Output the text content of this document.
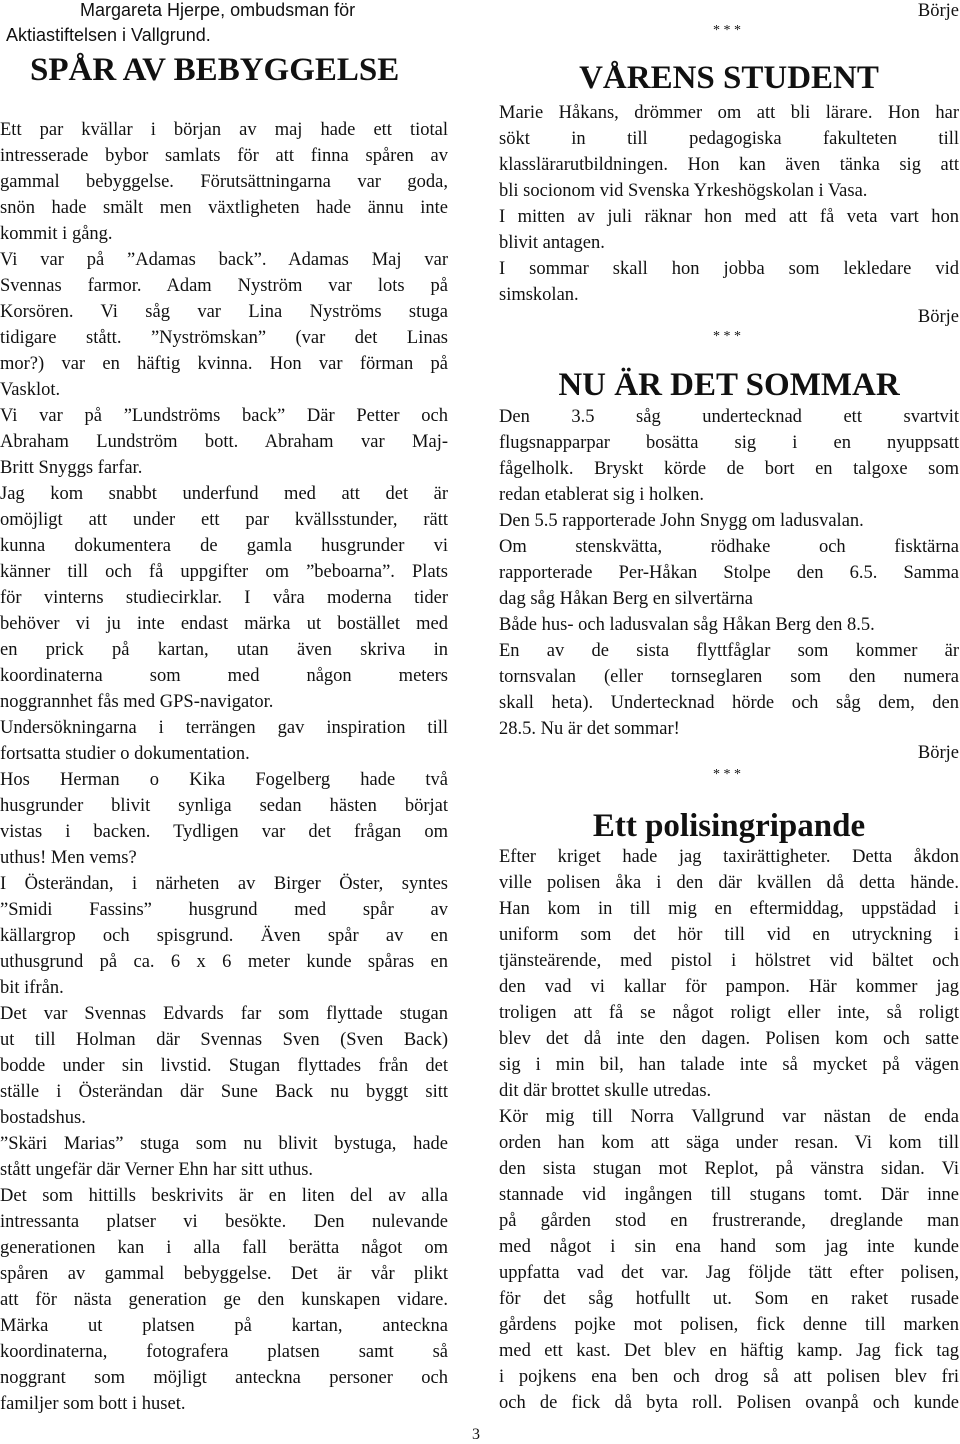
Margareta Hjerpe, ombudsman för
Aktiastiftelsen i Vallgrund.
SPÅR AV BEBYGGELSE
Ett par kvällar i början av maj hade ett tiotal
intresserade bybor samlats för att finna spåren av
gammal bebyggelse. Förutsättningarna var goda,
snön hade smält men växtligheten hade ännu inte
kommit i gång.
Vi var på ”Adamas back”. Adamas Maj var
Svennas farmor. Adam Nyström var lots på
Korsören. Vi såg var Lina Nyströms stuga
tidigare stått. ”Nyströmskan” (var det Linas
mor?) var en häftig kvinna. Hon var förman på
Vasklot.
Vi var på ”Lundströms back” Där Petter och
Abraham Lundström bott. Abraham var Maj-
Britt Snyggs farfar.
Jag kom snabbt underfund med att det är
omöjligt att under ett par kvällsstunder, rätt
kunna dokumentera de gamla husgrunder vi
känner till och få uppgifter om ”beboarna”. Plats
för vinterns studiecirklar. I våra moderna tider
behöver vi ju inte endast märka ut bostället med
en prick på kartan, utan även skriva in
koordinaterna som med någon meters
noggrannhet fås med GPS-navigator.
Undersökningarna i terrängen gav inspiration till
fortsatta studier o dokumentation.
Hos Herman o Kika Fogelberg hade två
husgrunder blivit synliga sedan hästen börjat
vistas i backen. Tydligen var det frågan om
uthus! Men vems?
I Österändan, i närheten av Birger Öster, syntes
”Smidi Fassins” husgrund med spår av
källargrop och spisgrund. Även spår av en
uthusgrund på ca. 6 x 6 meter kunde spåras en
bit ifrån.
Det var Svennas Edvards far som flyttade stugan
ut till Holman där Svennas Sven (Sven Back)
bodde under sin livstid. Stugan flyttades från det
ställe i Österändan där Sune Back nu byggt sitt
bostadshus.
”Skäri Marias” stuga som nu blivit bystuga, hade
stått ungefär där Verner Ehn har sitt uthus.
Det som hittills beskrivits är en liten del av alla
intressanta platser vi besökte. Den nulevande
generationen kan i alla fall berätta något om
spåren av gammal bebyggelse. Det är vår plikt
att för nästa generation ge den kunskapen vidare.
Märka ut platsen på kartan, anteckna
koordinaterna, fotografera platsen samt så
noggrant som möjligt anteckna personer och
familjer som bott i huset.
Börje
* * *
VÅRENS STUDENT
Marie Håkans, drömmer om att bli lärare. Hon har
sökt in till pedagogiska fakulteten till
klasslärarutbildningen. Hon kan även tänka sig att
bli socionom vid Svenska Yrkeshögskolan i Vasa.
I mitten av juli räknar hon med att få veta vart hon
blivit antagen.
I sommar skall hon jobba som lekledare vid
simskolan.
Börje
* * *
NU ÄR DET SOMMAR
Den 3.5 såg undertecknad ett svartvit
flugsnapparpar bosätta sig i en nyuppsatt
fågelholk. Bryskt körde de bort en talgoxe som
redan etablerat sig i holken.
Den 5.5 rapporterade John Snygg om ladusvalan.
Om stenskvätta, rödhake och fisktärna
rapporterade Per-Håkan Stolpe den 6.5. Samma
dag såg Håkan Berg en silvertärna
Både hus- och ladusvalan såg Håkan Berg den 8.5.
En av de sista flyttfåglar som kommer är
tornsvalan (eller tornseglaren som den numera
skall heta). Undertecknad hörde och såg dem, den
28.5. Nu är det sommar!
Börje
* * *
Ett polisingripande
Efter kriget hade jag taxirättigheter. Detta åkdon
ville polisen åka i den där kvällen då detta hände.
Han kom in till mig en eftermiddag, uppstädad i
uniform som det hör till vid en utryckning i
tjänsteärende, med pistol i hölstret vid bältet och
den vad vi kallar för pampon. Här kommer jag
troligen att få se något roligt eller inte, så roligt
blev det då inte den dagen. Polisen kom och satte
sig i min bil, han talade inte så mycket på vägen
dit där brottet skulle utredas.
Kör mig till Norra Vallgrund var nästan de enda
orden han kom att säga under resan. Vi kom till
den sista stugan mot Replot, på vänstra sidan. Vi
stannade vid ingången till stugans tomt. Där inne
på gården stod en frustrerande, dreglande man
med något i sin ena hand som jag inte kunde
uppfatta vad det var. Jag följde tätt efter polisen,
för det såg hotfullt ut. Som en raket rusade
gårdens pojke mot polisen, fick denne till marken
med ett kast. Det blev en häftig kamp. Jag fick tag
i pojkens ena ben och drog så att polisen blev fri
och de fick då byta roll. Polisen ovanpå och kunde
3
